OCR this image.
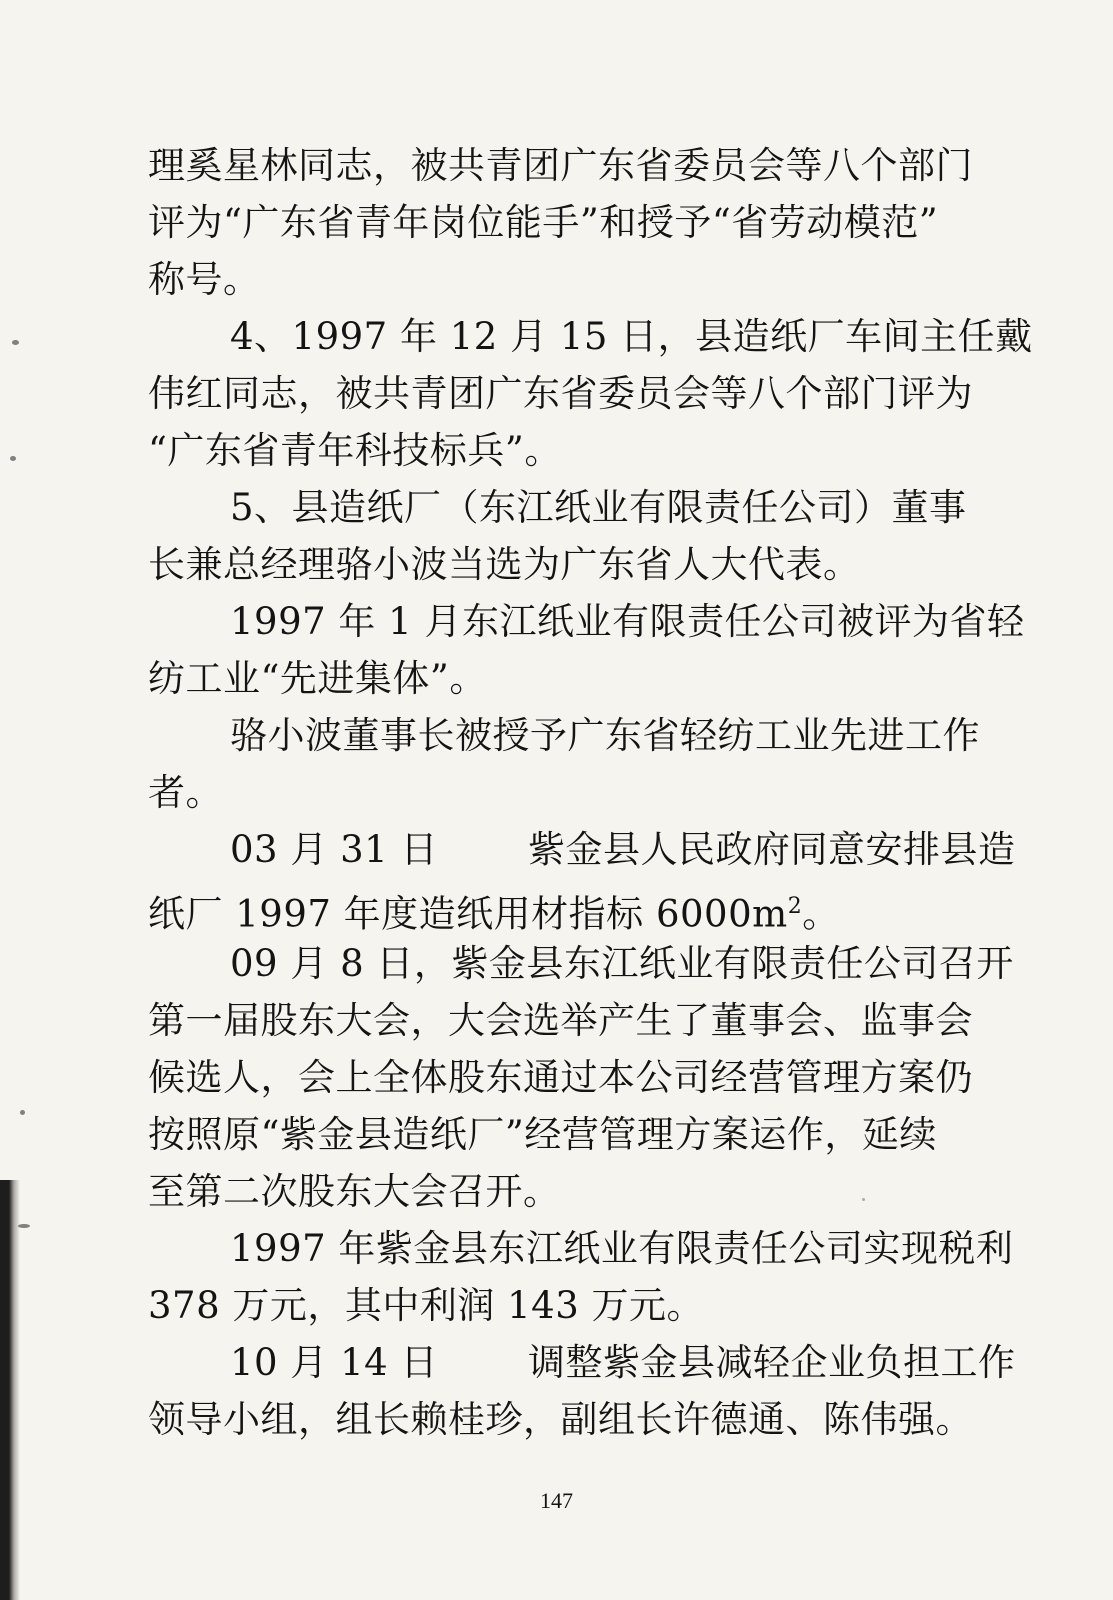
理奚星林同志，被共青团广东省委员会等八个部门
评为“广东省青年岗位能手”和授予“省劳动模范”
称号。
4、1997 年 12 月 15 日，县造纸厂车间主任戴
伟红同志，被共青团广东省委员会等八个部门评为
“广东省青年科技标兵”。
5、县造纸厂（东江纸业有限责任公司）董事
长兼总经理骆小波当选为广东省人大代表。
1997 年 1 月东江纸业有限责任公司被评为省轻
纺工业“先进集体”。
骆小波董事长被授予广东省轻纺工业先进工作
者。
03 月 31 日 紫金县人民政府同意安排县造
纸厂 1997 年度造纸用材指标 $6000m^2$。
09 月 8 日，紫金县东江纸业有限责任公司召开
第一届股东大会，大会选举产生了董事会、监事会
候选人，会上全体股东通过本公司经营管理方案仍
按照原“紫金县造纸厂”经营管理方案运作，延续
至第二次股东大会召开。
1997 年紫金县东江纸业有限责任公司实现税利
378 万元，其中利润 143 万元。
10 月 14 日 调整紫金县减轻企业负担工作
领导小组，组长赖桂珍，副组长许德通、陈伟强。
147
